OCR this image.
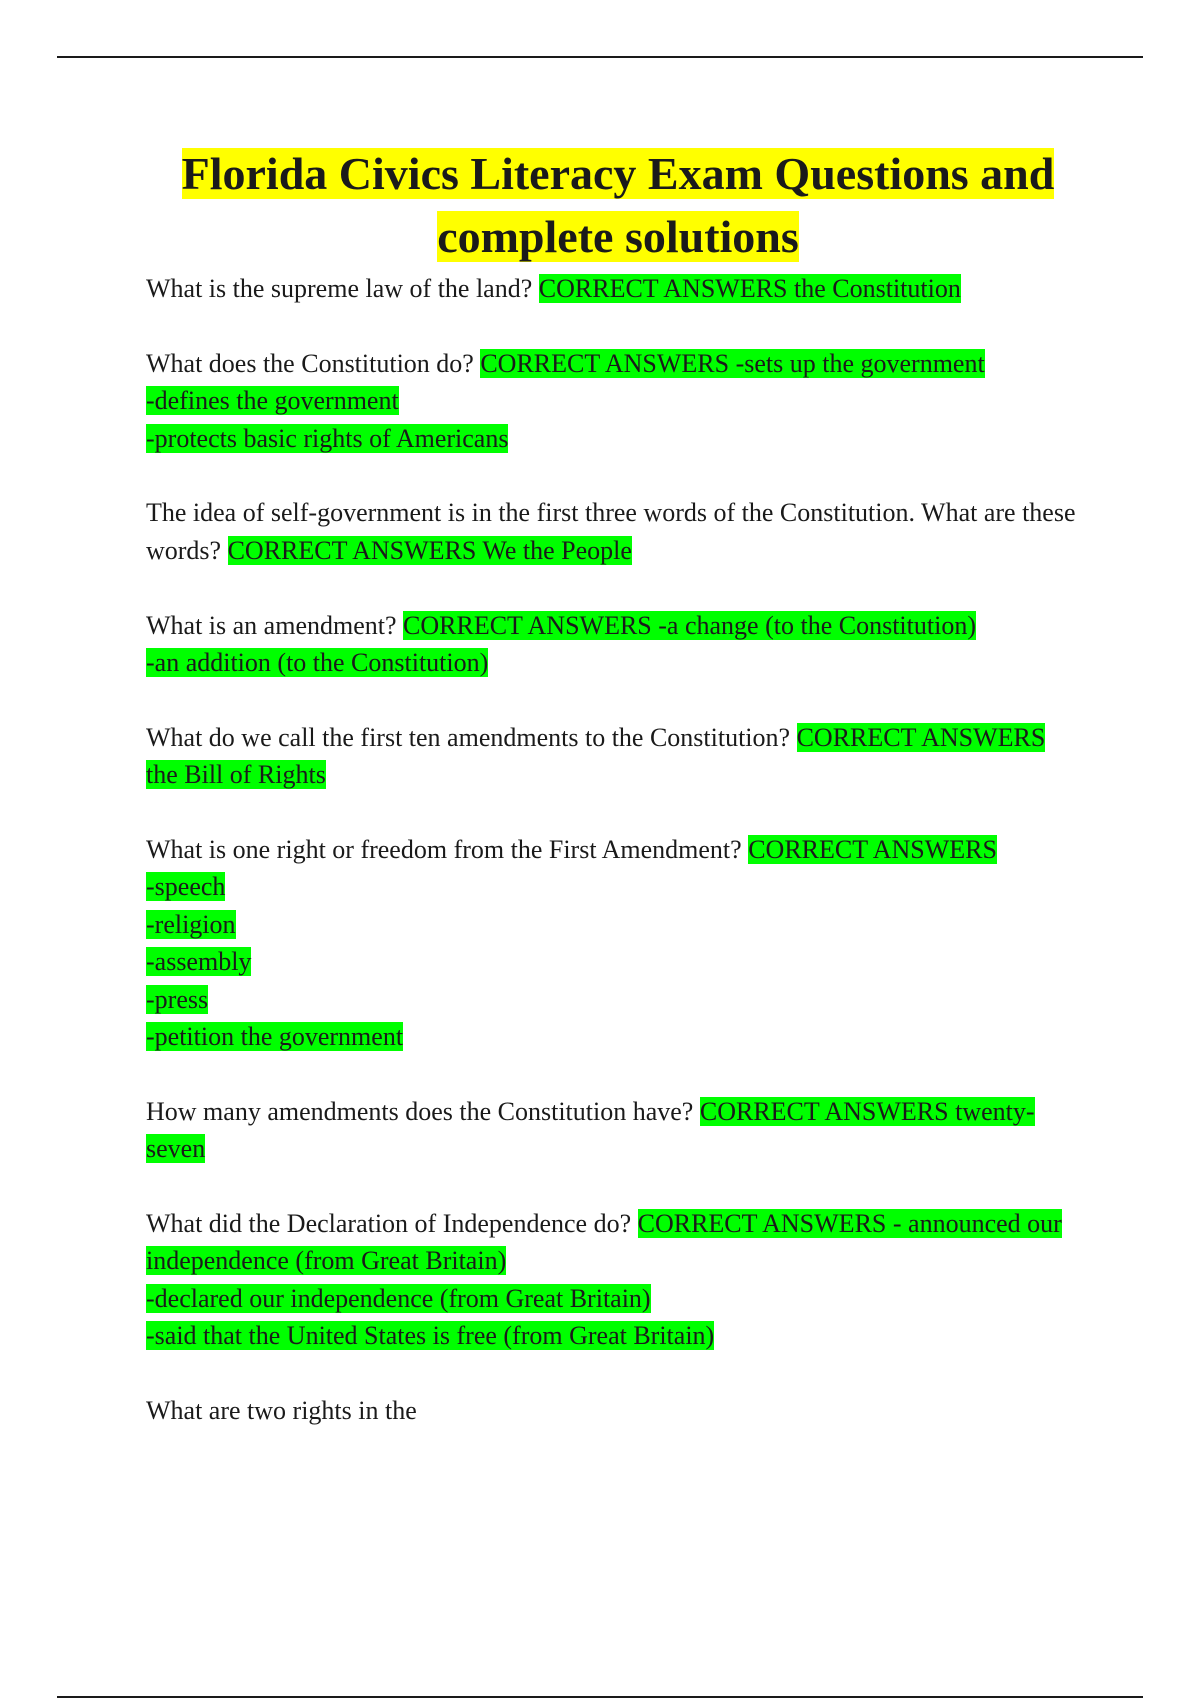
Florida Civics Literacy Exam Questions and complete solutions

What is the supreme law of the land? CORRECT ANSWERS the Constitution

What does the Constitution do? CORRECT ANSWERS -sets up the government
-defines the government
-protects basic rights of Americans

The idea of self-government is in the first three words of the Constitution. What are these words? CORRECT ANSWERS We the People

What is an amendment? CORRECT ANSWERS -a change (to the Constitution)
-an addition (to the Constitution)

What do we call the first ten amendments to the Constitution? CORRECT ANSWERS the Bill of Rights

What is one right or freedom from the First Amendment? CORRECT ANSWERS
-speech
-religion
-assembly
-press
-petition the government

How many amendments does the Constitution have? CORRECT ANSWERS twenty-seven

What did the Declaration of Independence do? CORRECT ANSWERS - announced our independence (from Great Britain)
-declared our independence (from Great Britain)
-said that the United States is free (from Great Britain)

What are two rights in the
